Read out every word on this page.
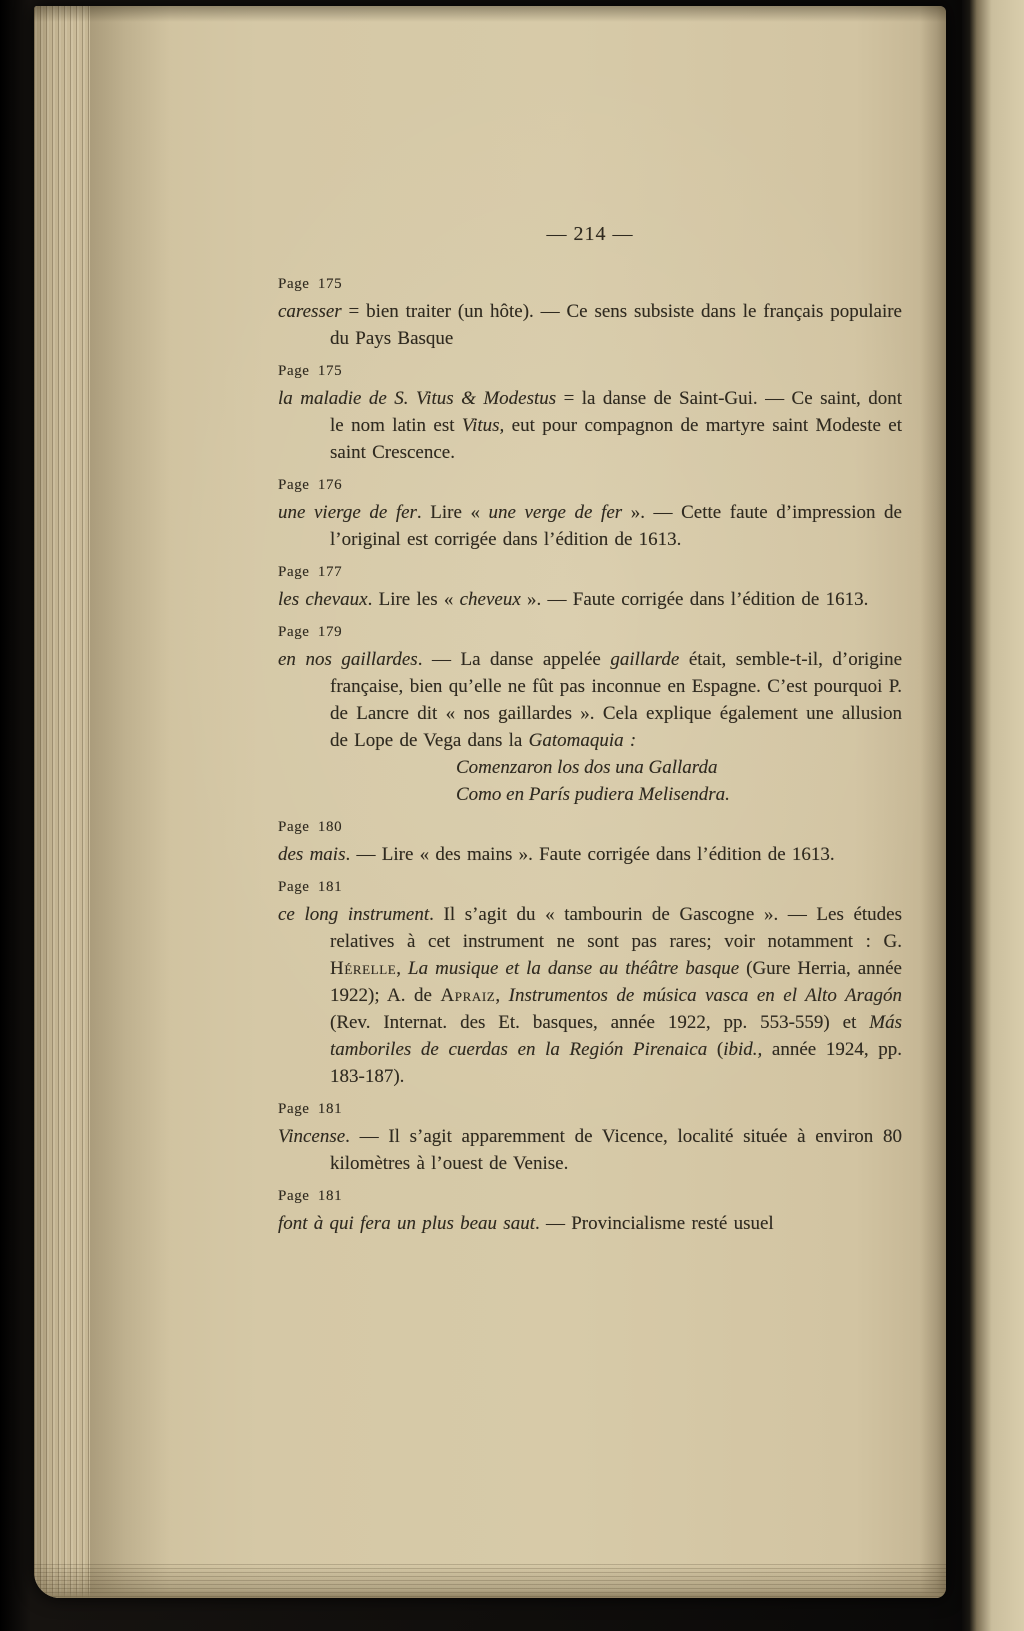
— 214 —
Page 175

caresser = bien traiter (un hôte). — Ce sens subsiste dans le français populaire du Pays Basque

Page 175

la maladie de S. Vitus & Modestus = la danse de Saint-Gui. — Ce saint, dont le nom latin est Vitus, eut pour compagnon de martyre saint Modeste et saint Crescence.

Page 176

une vierge de fer. Lire « une verge de fer ». — Cette faute d’impression de l’original est corrigée dans l’édition de 1613.

Page 177

les chevaux. Lire les « cheveux ». — Faute corrigée dans l’édition de 1613.

Page 179

en nos gaillardes. — La danse appelée gaillarde était, semble-t-il, d’origine française, bien qu’elle ne fût pas inconnue en Espagne. C’est pourquoi P. de Lancre dit « nos gaillardes ». Cela explique également une allusion de Lope de Vega dans la Gatomaquia :

Comenzaron los dos una Gallarda
Como en París pudiera Melisendra.
Page 180

des mais. — Lire « des mains ». Faute corrigée dans l’édition de 1613.

Page 181

ce long instrument. Il s’agit du « tambourin de Gascogne ». — Les études relatives à cet instrument ne sont pas rares; voir notamment : G. Hérelle, La musique et la danse au théâtre basque (Gure Herria, année 1922); A. de Apraiz, Instrumentos de música vasca en el Alto Aragón (Rev. Internat. des Et. basques, année 1922, pp. 553-559) et Más tamboriles de cuerdas en la Región Pirenaica (ibid., année 1924, pp. 183-187).

Page 181

Vincense. — Il s’agit apparemment de Vicence, localité située à environ 80 kilomètres à l’ouest de Venise.

Page 181

font à qui fera un plus beau saut. — Provincialisme resté usuel
